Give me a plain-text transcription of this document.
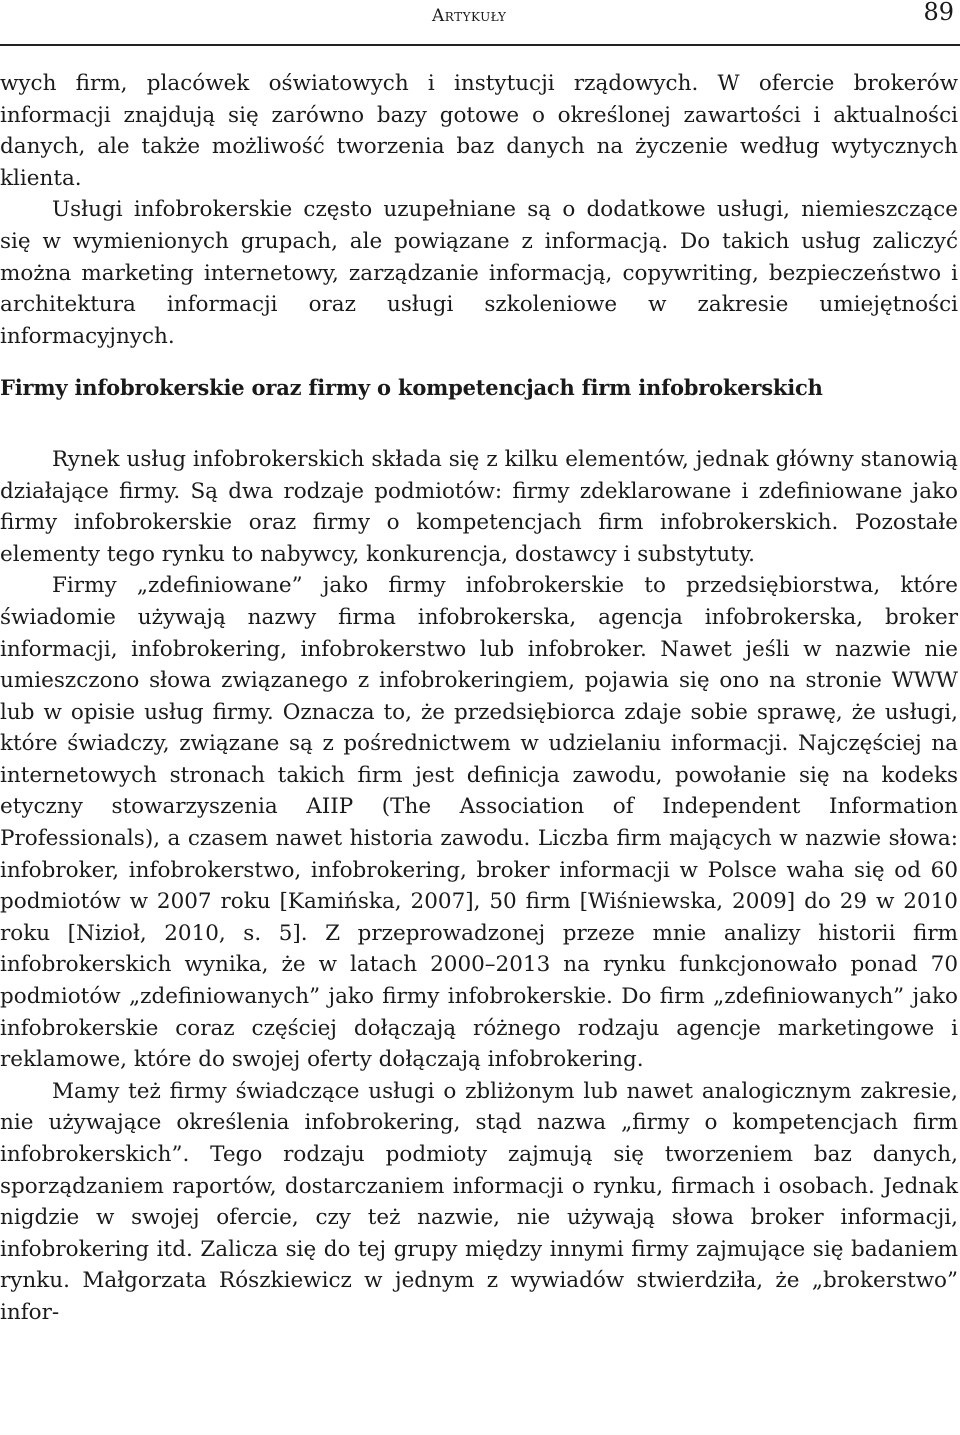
Artykuły	89

wych firm, placówek oświatowych i instytucji rządowych. W ofercie brokerów informacji znajdują się zarówno bazy gotowe o określonej zawartości i aktualności danych, ale także możliwość tworzenia baz danych na życzenie według wytycznych klienta.

Usługi infobrokerskie często uzupełniane są o dodatkowe usługi, niemieszczące się w wymienionych grupach, ale powiązane z informacją. Do takich usług zaliczyć można marketing internetowy, zarządzanie informacją, copywriting, bezpieczeństwo i architektura informacji oraz usługi szkoleniowe w zakresie umiejętności informacyjnych.

Firmy infobrokerskie oraz firmy o kompetencjach firm infobrokerskich

Rynek usług infobrokerskich składa się z kilku elementów, jednak główny stanowią działające firmy. Są dwa rodzaje podmiotów: firmy zdeklarowane i zdefiniowane jako firmy infobrokerskie oraz firmy o kompetencjach firm infobrokerskich. Pozostałe elementy tego rynku to nabywcy, konkurencja, dostawcy i substytuty.

Firmy „zdefiniowane” jako firmy infobrokerskie to przedsiębiorstwa, które świadomie używają nazwy firma infobrokerska, agencja infobrokerska, broker informacji, infobrokering, infobrokerstwo lub infobroker. Nawet jeśli w nazwie nie umieszczono słowa związanego z infobrokeringiem, pojawia się ono na stronie WWW lub w opisie usług firmy. Oznacza to, że przedsiębiorca zdaje sobie sprawę, że usługi, które świadczy, związane są z pośrednictwem w udzielaniu informacji. Najczęściej na internetowych stronach takich firm jest definicja zawodu, powołanie się na kodeks etyczny stowarzyszenia AIIP (The Association of Independent Information Professionals), a czasem nawet historia zawodu. Liczba firm mających w nazwie słowa: infobroker, infobrokerstwo, infobrokering, broker informacji w Polsce waha się od 60 podmiotów w 2007 roku [Kamińska, 2007], 50 firm [Wiśniewska, 2009] do 29 w 2010 roku [Nizioł, 2010, s. 5]. Z przeprowadzonej przeze mnie analizy historii firm infobrokerskich wynika, że w latach 2000–2013 na rynku funkcjonowało ponad 70 podmiotów „zdefiniowanych” jako firmy infobrokerskie. Do firm „zdefiniowanych” jako infobrokerskie coraz częściej dołączają różnego rodzaju agencje marketingowe i reklamowe, które do swojej oferty dołączają infobrokering.

Mamy też firmy świadczące usługi o zbliżonym lub nawet analogicznym zakresie, nie używające określenia infobrokering, stąd nazwa „firmy o kompetencjach firm infobrokerskich”. Tego rodzaju podmioty zajmują się tworzeniem baz danych, sporządzaniem raportów, dostarczaniem informacji o rynku, firmach i osobach. Jednak nigdzie w swojej ofercie, czy też nazwie, nie używają słowa broker informacji, infobrokering itd. Zalicza się do tej grupy między innymi firmy zajmujące się badaniem rynku. Małgorzata Rószkiewicz w jednym z wywiadów stwierdziła, że „brokerstwo” infor-
